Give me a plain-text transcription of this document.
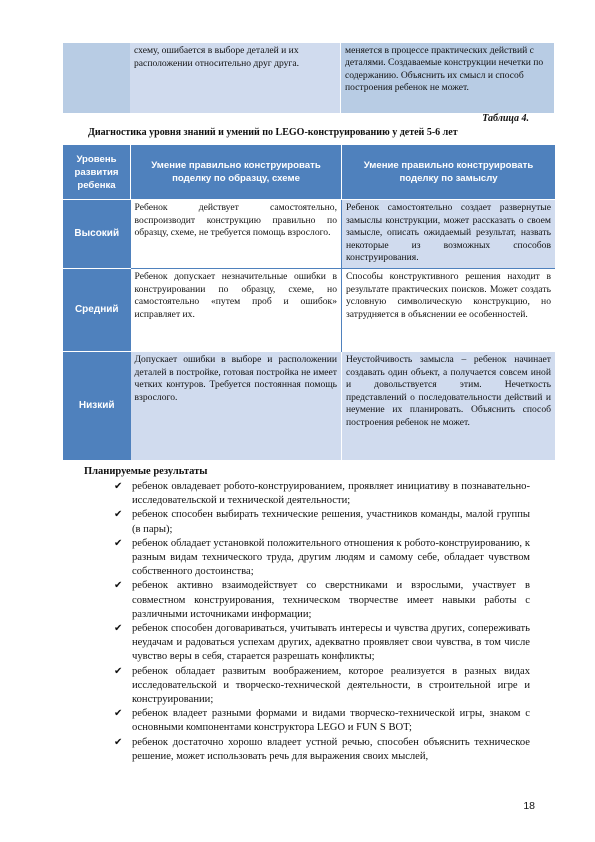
	схему, ошибается в выборе деталей и их расположении относительно друг друга.	меняется в процессе практических действий с деталями. Создаваемые конструкции нечетки по содержанию. Объяснить их смысл и способ построения ребенок не может.
Таблица 4.
Диагностика уровня знаний и умений по LEGO-конструированию у детей 5-6 лет
Уровень развития ребенка	Умение правильно конструировать поделку по образцу, схеме	Умение правильно конструировать поделку по замыслу
Высокий	Ребенок действует самостоятельно, воспроизводит конструкцию правильно по образцу, схеме, не требуется помощь взрослого.	Ребенок самостоятельно создает развернутые замыслы конструкции, может рассказать о своем замысле, описать ожидаемый результат, назвать некоторые из возможных способов конструирования.
Средний	Ребенок допускает незначительные ошибки в конструировании по образцу, схеме, но самостоятельно «путем проб и ошибок» исправляет их.	Способы конструктивного решения находит в результате практических поисков. Может создать условную символическую конструкцию, но затрудняется в объяснении ее особенностей.
Низкий	Допускает ошибки в выборе и расположении деталей в постройке, готовая постройка не имеет четких контуров. Требуется постоянная помощь взрослого.	Неустойчивость замысла – ребенок начинает создавать один объект, а получается совсем иной и довольствуется этим. Нечеткость представлений о последовательности действий и неумение их планировать. Объяснить способ построения ребенок не может.
Планируемые результаты
✔ ребенок овладевает робото-конструированием, проявляет инициативу в познавательно-исследовательской и технической деятельности;
✔ ребенок способен выбирать технические решения, участников команды, малой группы (в пары);
✔ ребенок обладает установкой положительного отношения к робото-конструированию, к разным видам технического труда, другим людям и самому себе, обладает чувством собственного достоинства;
✔ ребенок активно взаимодействует со сверстниками и взрослыми, участвует в совместном конструирования, техническом творчестве имеет навыки работы с различными источниками информации;
✔ ребенок способен договариваться, учитывать интересы и чувства других, сопереживать неудачам и радоваться успехам других, адекватно проявляет свои чувства, в том числе чувство веры в себя, старается разрешать конфликты;
✔ ребенок обладает развитым воображением, которое реализуется в разных видах исследовательской и творческо-технической деятельности, в строительной игре и конструировании;
✔ ребенок владеет разными формами и видами творческо-технической игры, знаком с основными компонентами конструктора LEGO и FUN S BOT;
✔ ребенок достаточно хорошо владеет устной речью, способен объяснить техническое решение, может использовать речь для выражения своих мыслей,
18
